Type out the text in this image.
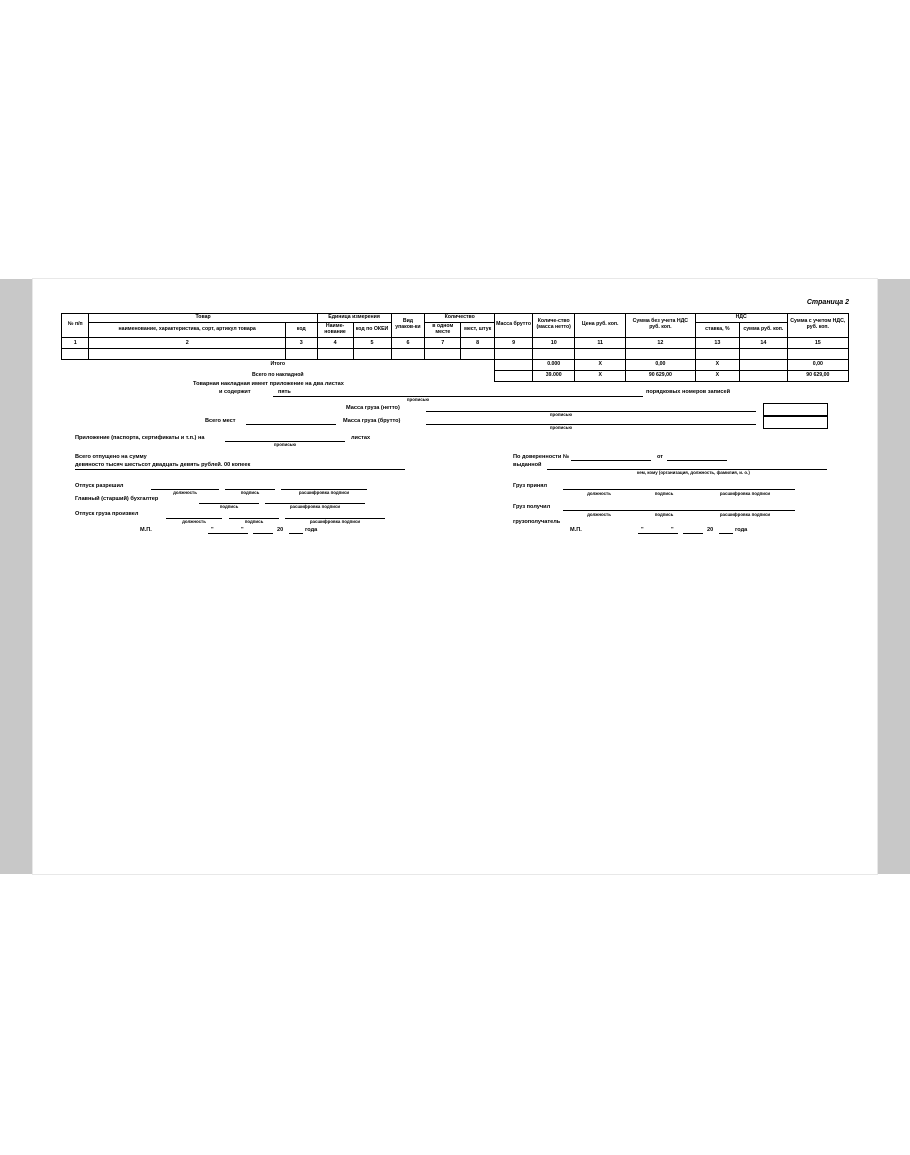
Страница 2
№ п/п	Товар		Единица измерения		Вид упаков-ки	Количество		Масса брутто	Количе-ство (масса нетто)	Цена руб. коп.	Сумма без учета НДС руб. коп.	НДС		Сумма с учетом НДС, руб. коп.
	наименование, характеристика, сорт, артикул товара	код	Наиме-нование	код по ОКЕИ		в одном месте	мест, штук					ставка, %	сумма руб. коп.	
1	2	3	4	5	6	7	8	9	10	11	12	13	14	15

Итого									0.000	X	0,00	X		0,00
Всего по накладной									39.000	X	90 629,00	X		90 629,00
Товарная накладная имеет приложение на два листах
и содержит	пять
прописью
порядковых номеров записей
Масса груза (нетто)
прописью
Всего мест	Масса груза (брутто)
прописью
Приложение (паспорта, сертификаты и т.п.) на
прописью
листах
Всего отпущено на сумму
девяносто тысяч шестьсот двадцать девять рублей. 00 копеек
По доверенности №	от
выданной
кем, кому (организация, должность, фамилия, и. о.)
Отпуск разрешил
должность	подпись	расшифровка подписи
Главный (старший) бухгалтер
подпись	расшифровка подписи
Отпуск груза произвел
должность	подпись	расшифровка подписи
М.П.	"	"	20	года
Груз принял
должность	подпись	расшифровка подписи
Груз получил
должность	подпись	расшифровка подписи
грузополучатель
М.П.	"	"	20	года
